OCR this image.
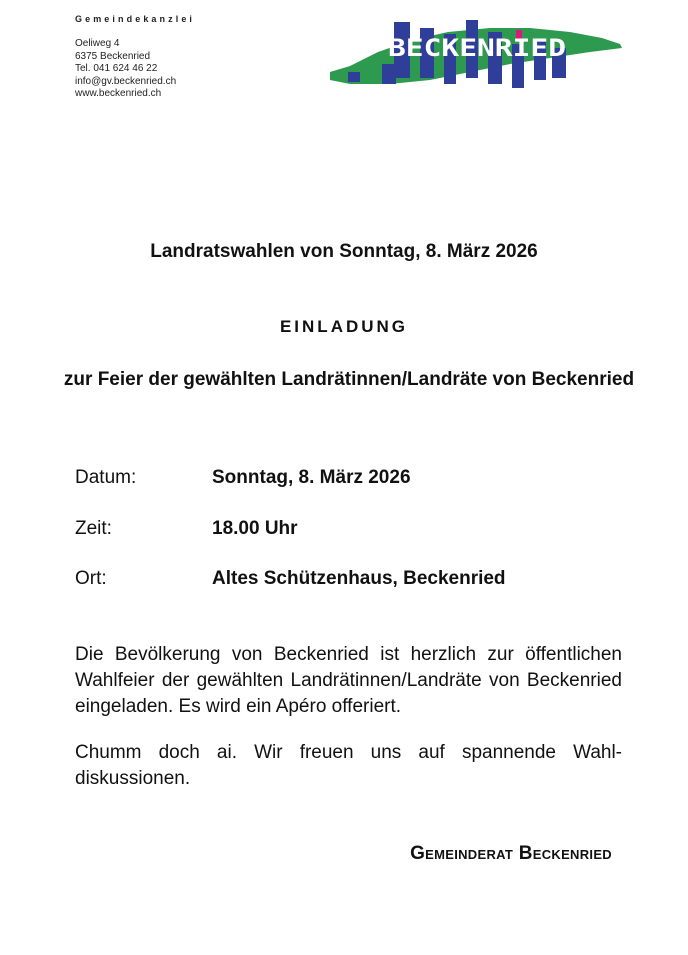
Gemeindekanzlei
Oeliweg 4
6375 Beckenried
Tel. 041 624 46 22
info@gv.beckenried.ch
www.beckenried.ch
BECKENRIED
Landratswahlen von Sonntag, 8. März 2026
EINLADUNG
zur Feier der gewählten Landrätinnen/Landräte von Beckenried
Datum:	Sonntag, 8. März 2026
Zeit:	18.00 Uhr
Ort:	Altes Schützenhaus, Beckenried
Die Bevölkerung von Beckenried ist herzlich zur öffentlichen Wahlfeier der gewählten Landrätinnen/Landräte von Beckenried eingeladen. Es wird ein Apéro offeriert.
Chumm doch ai. Wir freuen uns auf spannende Wahldiskussionen.
Gemeinderat Beckenried
